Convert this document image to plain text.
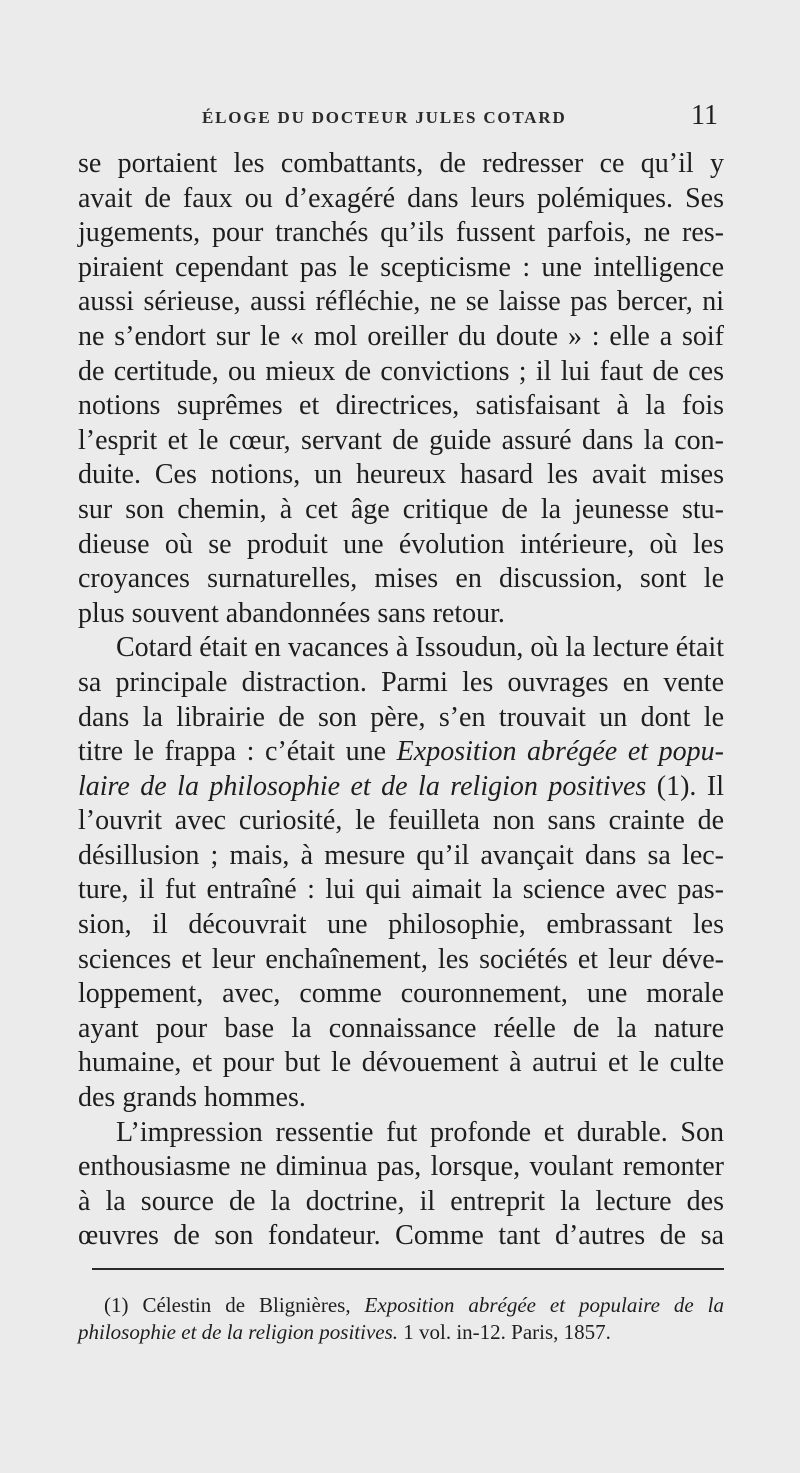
ÉLOGE DU DOCTEUR JULES COTARD	11
se portaient les combattants, de redresser ce qu’il y
avait de faux ou d’exagéré dans leurs polémiques. Ses
jugements, pour tranchés qu’ils fussent parfois, ne res-
piraient cependant pas le scepticisme : une intelligence
aussi sérieuse, aussi réfléchie, ne se laisse pas bercer, ni
ne s’endort sur le « mol oreiller du doute » : elle a soif
de certitude, ou mieux de convictions ; il lui faut de ces
notions suprêmes et directrices, satisfaisant à la fois
l’esprit et le cœur, servant de guide assuré dans la con-
duite. Ces notions, un heureux hasard les avait mises
sur son chemin, à cet âge critique de la jeunesse stu-
dieuse où se produit une évolution intérieure, où les
croyances surnaturelles, mises en discussion, sont le
plus souvent abandonnées sans retour.
Cotard était en vacances à Issoudun, où la lecture était
sa principale distraction. Parmi les ouvrages en vente
dans la librairie de son père, s’en trouvait un dont le
titre le frappa : c’était une Exposition abrégée et popu-
laire de la philosophie et de la religion positives (1). Il
l’ouvrit avec curiosité, le feuilleta non sans crainte de
désillusion ; mais, à mesure qu’il avançait dans sa lec-
ture, il fut entraîné : lui qui aimait la science avec pas-
sion, il découvrait une philosophie, embrassant les
sciences et leur enchaînement, les sociétés et leur déve-
loppement, avec, comme couronnement, une morale
ayant pour base la connaissance réelle de la nature
humaine, et pour but le dévouement à autrui et le culte
des grands hommes.
L’impression ressentie fut profonde et durable. Son
enthousiasme ne diminua pas, lorsque, voulant remonter
à la source de la doctrine, il entreprit la lecture des
œuvres de son fondateur. Comme tant d’autres de sa
(1) Célestin de Blignières, Exposition abrégée et populaire de la
philosophie et de la religion positives. 1 vol. in-12. Paris, 1857.
